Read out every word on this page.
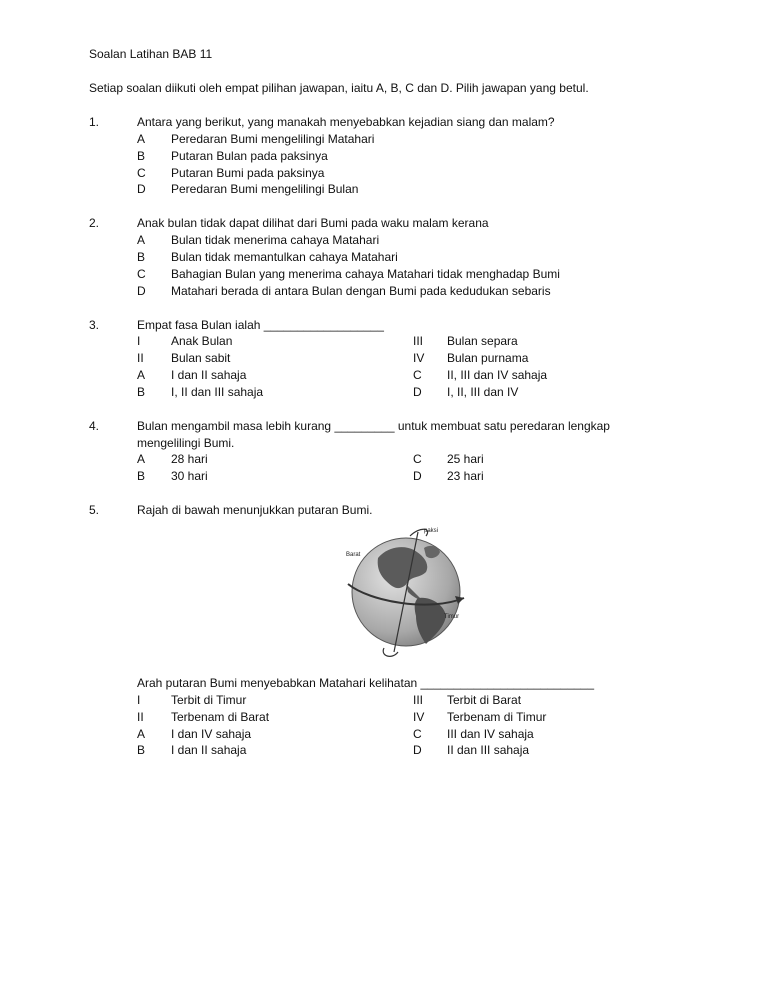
Soalan Latihan BAB 11
Setiap soalan diikuti oleh empat pilihan jawapan, iaitu A, B, C dan D. Pilih jawapan yang betul.
1.	Antara yang berikut, yang manakah menyebabkan kejadian siang dan malam?
A Peredaran Bumi mengelilingi Matahari
B Putaran Bulan pada paksinya
C Putaran Bumi pada paksinya
D Peredaran Bumi mengelilingi Bulan
2.	Anak bulan tidak dapat dilihat dari Bumi pada waku malam kerana
A Bulan tidak menerima cahaya Matahari
B Bulan tidak memantulkan cahaya Matahari
C Bahagian Bulan yang menerima cahaya Matahari tidak menghadap Bumi
D Matahari berada di antara Bulan dengan Bumi pada kedudukan sebaris
3.	Empat fasa Bulan ialah __________________
I	Anak Bulan	III Bulan separa
II Bulan sabit	IV Bulan purnama
A I dan II sahaja	C II, III dan IV sahaja
B I, II dan III sahaja	D I, II, III dan IV
4.	Bulan mengambil masa lebih kurang _________ untuk membuat satu peredaran lengkap
mengelilingi Bumi.
A 28 hari	C 25 hari
B 30 hari	D 23 hari
5.	Rajah di bawah menunjukkan putaran Bumi.
paksi
Barat
Timur
Arah putaran Bumi menyebabkan Matahari kelihatan __________________________
I	Terbit di Timur	III Terbit di Barat
II Terbenam di Barat	IV Terbenam di Timur
A I dan IV sahaja	C III dan IV sahaja
B I dan II sahaja	D II dan III sahaja
